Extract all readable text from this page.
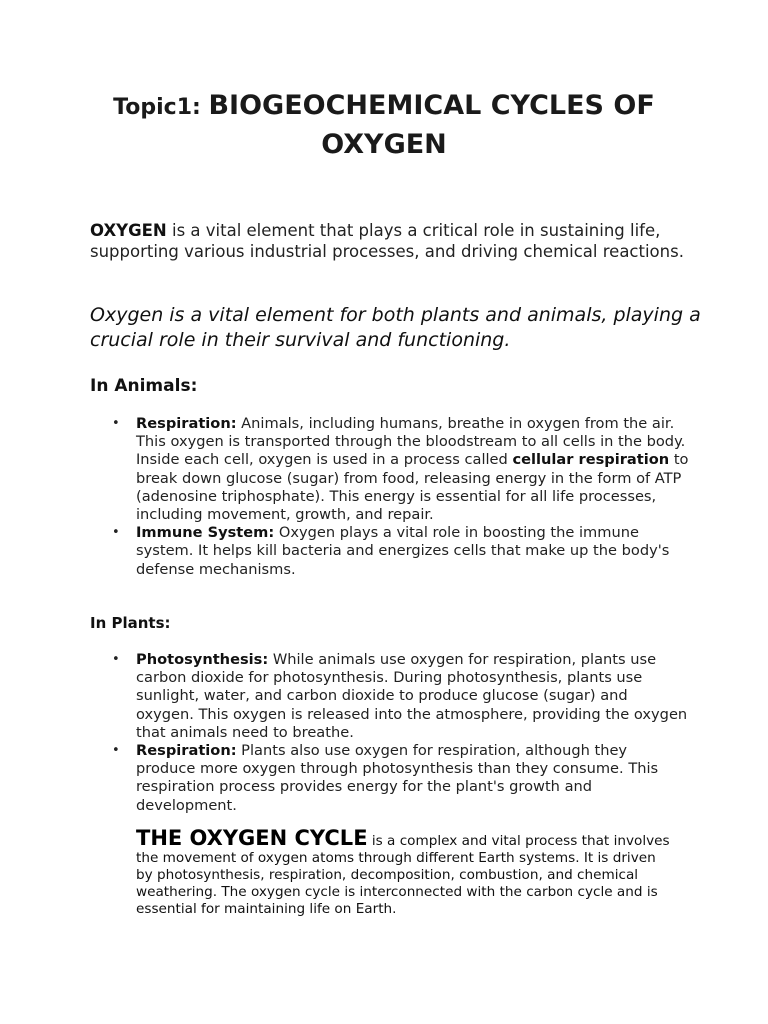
Topic1: BIOGEOCHEMICAL CYCLES OF OXYGEN

OXYGEN is a vital element that plays a critical role in sustaining life, supporting various industrial processes, and driving chemical reactions.

Oxygen is a vital element for both plants and animals, playing a crucial role in their survival and functioning.

In Animals:
• Respiration: Animals, including humans, breathe in oxygen from the air. This oxygen is transported through the bloodstream to all cells in the body. Inside each cell, oxygen is used in a process called cellular respiration to break down glucose (sugar) from food, releasing energy in the form of ATP (adenosine triphosphate). This energy is essential for all life processes, including movement, growth, and repair.
• Immune System: Oxygen plays a vital role in boosting the immune system. It helps kill bacteria and energizes cells that make up the body's defense mechanisms.
In Plants:
• Photosynthesis: While animals use oxygen for respiration, plants use carbon dioxide for photosynthesis. During photosynthesis, plants use sunlight, water, and carbon dioxide to produce glucose (sugar) and oxygen. This oxygen is released into the atmosphere, providing the oxygen that animals need to breathe.
• Respiration: Plants also use oxygen for respiration, although they produce more oxygen through photosynthesis than they consume. This respiration process provides energy for the plant's growth and development.

THE OXYGEN CYCLE is a complex and vital process that involves the movement of oxygen atoms through different Earth systems. It is driven by photosynthesis, respiration, decomposition, combustion, and chemical weathering. The oxygen cycle is interconnected with the carbon cycle and is essential for maintaining life on Earth.
